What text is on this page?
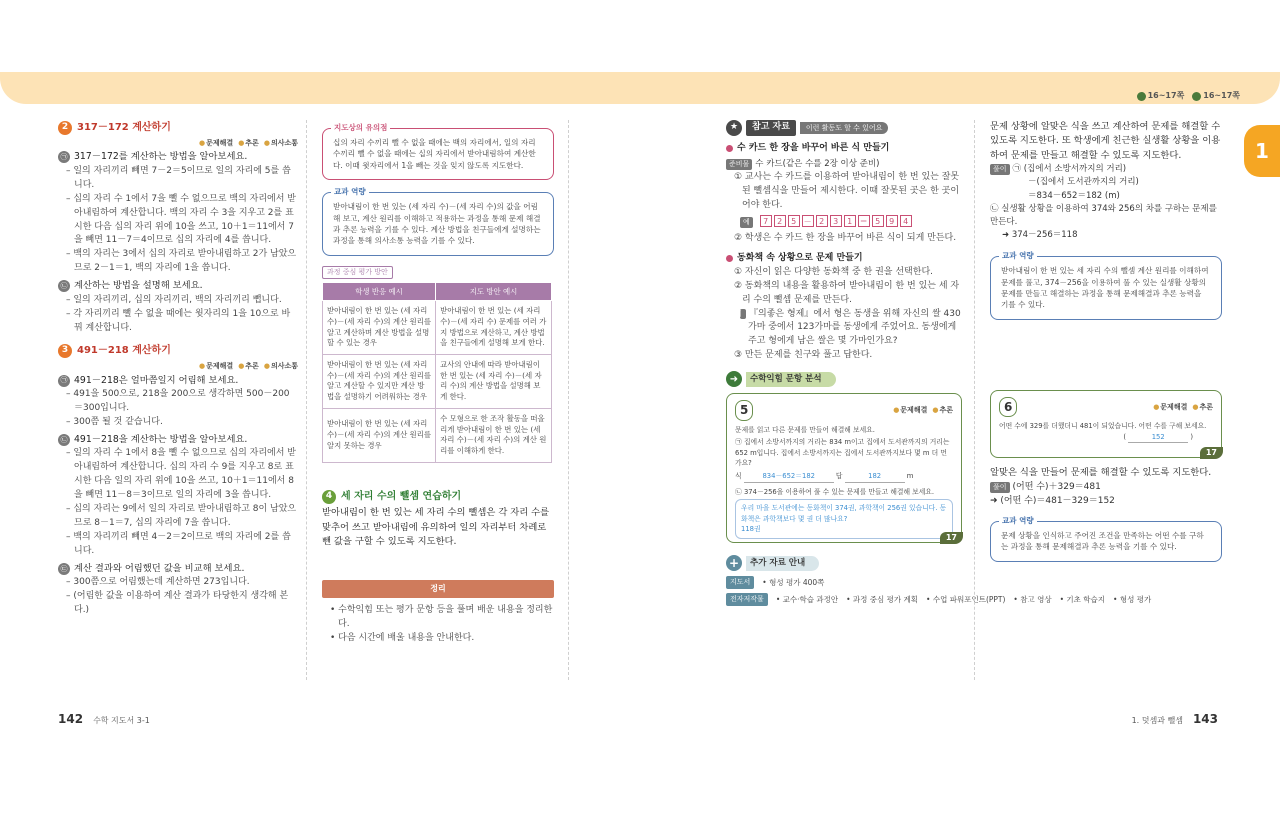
16~17쪽 16~17쪽
1
2 317－172 계산하기
● 문제해결	● 추론	● 의사소통
㉠ 317－172를 계산하는 방법을 알아보세요.
– 일의 자리끼리 빼면 7－2＝5이므로 일의 자리에 5를 씁니다.
– 십의 자리 수 1에서 7을 뺄 수 없으므로 백의 자리에서 받아내림하여 계산합니다. 백의 자리 수 3을 지우고 2를 표시한 다음 십의 자리 위에 10을 쓰고, 10＋1＝11에서 7을 빼면 11－7＝4이므로 십의 자리에 4를 씁니다.
– 백의 자리는 3에서 십의 자리로 받아내림하고 2가 남았으므로 2－1＝1, 백의 자리에 1을 씁니다.
㉡ 계산하는 방법을 설명해 보세요.
– 일의 자리끼리, 십의 자리끼리, 백의 자리끼리 뺍니다.
– 각 자리끼리 뺄 수 없을 때에는 윗자리의 1을 10으로 바꿔 계산합니다.
3 491－218 계산하기
● 문제해결	● 추론	● 의사소통
㉠ 491－218은 얼마쯤일지 어림해 보세요.
– 491을 500으로, 218을 200으로 생각하면 500－200＝300입니다.
– 300쯤 될 것 같습니다.
㉡ 491－218을 계산하는 방법을 알아보세요.
– 일의 자리 수 1에서 8을 뺄 수 없으므로 십의 자리에서 받아내림하여 계산합니다. 십의 자리 수 9를 지우고 8로 표시한 다음 일의 자리 위에 10을 쓰고, 10＋1＝11에서 8을 빼면 11－8＝3이므로 일의 자리에 3을 씁니다.
– 십의 자리는 9에서 일의 자리로 받아내림하고 8이 남았으므로 8－1＝7, 십의 자리에 7을 씁니다.
– 백의 자리끼리 빼면 4－2＝2이므로 백의 자리에 2를 씁니다.
㉢ 계산 결과와 어림했던 값을 비교해 보세요.
– 300쯤으로 어림했는데 계산하면 273입니다.
– (어림한 값을 이용하여 계산 결과가 타당한지 생각해 본다.)
지도상의 유의점
십의 자리 수끼리 뺄 수 없을 때에는 백의 자리에서, 일의 자리 수끼리 뺄 수 없을 때에는 십의 자리에서 받아내림하여 계산한다. 이때 윗자리에서 1을 빼는 것을 잊지 않도록 지도한다.
교과 역량
받아내림이 한 번 있는 (세 자리 수)－(세 자리 수)의 값을 어림해 보고, 계산 원리를 이해하고 적용하는 과정을 통해 문제 해결과 추론 능력을 기를 수 있다. 계산 방법을 친구들에게 설명하는 과정을 통해 의사소통 능력을 기를 수 있다.
과정 중심 평가 방안
학생 반응 예시	지도 방안 예시
받아내림이 한 번 있는 (세 자리 수)－(세 자리 수)의 계산 원리를 알고 계산하며 계산 방법을 설명할 수 있는 경우	받아내림이 한 번 있는 (세 자리 수)－(세 자리 수) 문제를 여러 가지 방법으로 계산하고, 계산 방법을 친구들에게 설명해 보게 한다.
받아내림이 한 번 있는 (세 자리 수)－(세 자리 수)의 계산 원리를 알고 계산할 수 있지만 계산 방법을 설명하기 어려워하는 경우	교사의 안내에 따라 받아내림이 한 번 있는 (세 자리 수)－(세 자리 수)의 계산 방법을 설명해 보게 한다.
받아내림이 한 번 있는 (세 자리 수)－(세 자리 수)의 계산 원리를 알지 못하는 경우	수 모형으로 한 조작 활동을 떠올리게 받아내림이 한 번 있는 (세 자리 수)－(세 자리 수)의 계산 원리를 이해하게 한다.
4 세 자리 수의 뺄셈 연습하기
받아내림이 한 번 있는 세 자리 수의 뺄셈은 각 자리 수를 맞추어 쓰고 받아내림에 유의하여 일의 자리부터 차례로 뺀 값을 구할 수 있도록 지도한다.
정리
• 수학익힘 또는 평가 문항 등을 풀며 배운 내용을 정리한다.
• 다음 시간에 배울 내용을 안내한다.
★	참고 자료	이런 활동도 할 수 있어요
수 카드 한 장을 바꾸어 바른 식 만들기
준비물 수 카드(같은 수를 2장 이상 준비)
① 교사는 수 카드를 이용하여 받아내림이 한 번 있는 잘못된 뺄셈식을 만들어 제시한다. 이때 잘못된 곳은 한 곳이어야 한다.
예 7 2 5 － 2 3 1 ＝ 5 9 4
② 학생은 수 카드 한 장을 바꾸어 바른 식이 되게 만든다.
동화책 속 상황으로 문제 만들기
① 자신이 읽은 다양한 동화책 중 한 권을 선택한다.
② 동화책의 내용을 활용하여 받아내림이 한 번 있는 세 자리 수의 뺄셈 문제를 만든다.
예 『의좋은 형제』에서 형은 동생을 위해 자신의 쌀 430가마 중에서 123가마를 동생에게 주었어요. 동생에게 주고 형에게 남은 쌀은 몇 가마인가요?
③ 만든 문제를 친구와 풀고 답한다.
➜	수학익힘 문항 분석
5	● 문제해결	● 추론
문제를 읽고 다른 문제를 만들어 해결해 보세요.
㉠ 집에서 소방서까지의 거리는 834 m이고 집에서 도서관까지의 거리는 652 m입니다. 집에서 소방서까지는 집에서 도서관까지보다 몇 m 더 먼가요?
식	834－652＝182	답	182	m
㉡ 374－256을 이용하여 풀 수 있는 문제를 만들고 해결해 보세요.
우리 마을 도서관에는 동화책이 374권, 과학책이 256권 있습니다. 동화책은 과학책보다 몇 권 더 많나요?
118권
17
+	추가 자료 안내
지도서	• 형성 평가 400쪽
전자저작물	• 교수·학습 과정안 • 과정 중심 평가 계획 • 수업 파워포인트(PPT) • 참고 영상 • 기초 학습지 • 형성 평가
문제 상황에 알맞은 식을 쓰고 계산하여 문제를 해결할 수 있도록 지도한다. 또 학생에게 친근한 실생활 상황을 이용하여 문제를 만들고 해결할 수 있도록 지도한다.
풀이 ㉠ (집에서 소방서까지의 거리)
－(집에서 도서관까지의 거리)
＝834－652＝182 (m)
㉡ 실생활 상황을 이용하여 374와 256의 차를 구하는 문제를 만든다.
➜ 374－256＝118
교과 역량
받아내림이 한 번 있는 세 자리 수의 뺄셈 계산 원리를 이해하여 문제를 풀고, 374－256을 이용하여 풀 수 있는 실생활 상황의 문제를 만들고 해결하는 과정을 통해 문제해결과 추론 능력을 기를 수 있다.
6	● 문제해결	● 추론
어떤 수에 329를 더했더니 481이 되었습니다. 어떤 수를 구해 보세요.
(	152	)
17
알맞은 식을 만들어 문제를 해결할 수 있도록 지도한다.
풀이 (어떤 수)＋329＝481
➜ (어떤 수)＝481－329＝152
교과 역량
문제 상황을 인식하고 주어진 조건을 만족하는 어떤 수를 구하는 과정을 통해 문제해결과 추론 능력을 기를 수 있다.
142 수학 지도서 3-1	1. 덧셈과 뺄셈 143
